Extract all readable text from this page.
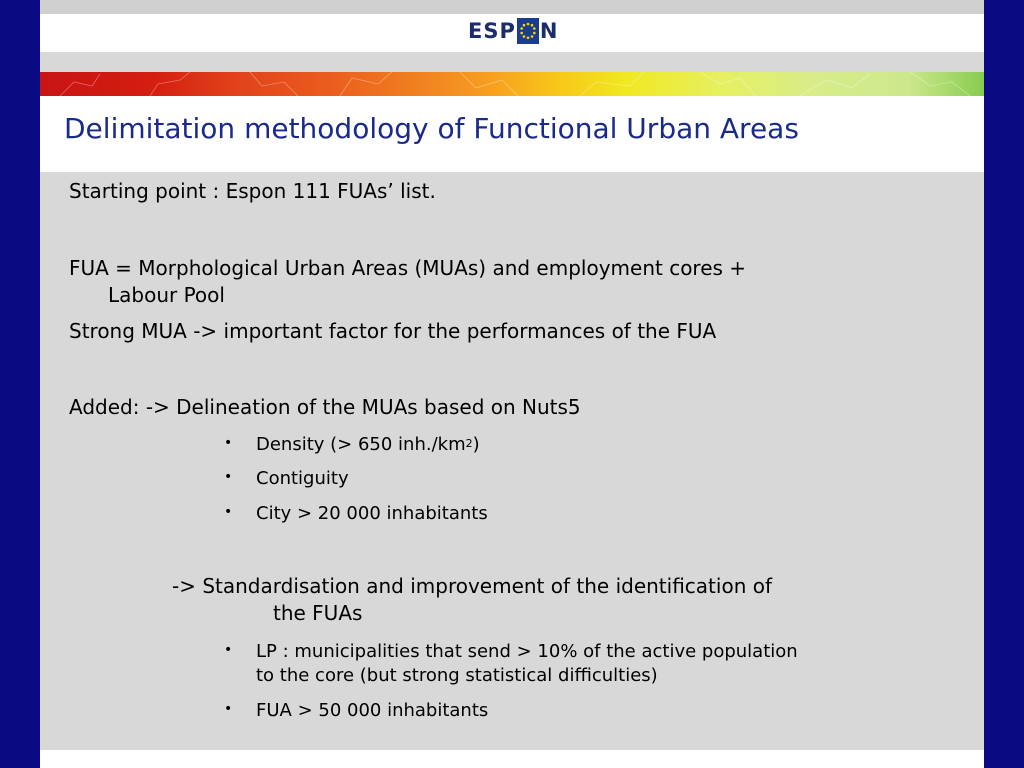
ESP N
Delimitation methodology of Functional Urban Areas
Starting point : Espon 111 FUAs’ list.
FUA = Morphological Urban Areas (MUAs) and employment cores +
Labour Pool
Strong MUA -> important factor for the performances of the FUA
Added: -> Delineation of the MUAs based on Nuts5
• Density (> 650 $inh./km^2$)
• Contiguity
• City > 20 000 inhabitants
-> Standardisation and improvement of the identification of
the FUAs
• LP : municipalities that send > 10% of the active population
to the core (but strong statistical difficulties)
• FUA > 50 000 inhabitants
